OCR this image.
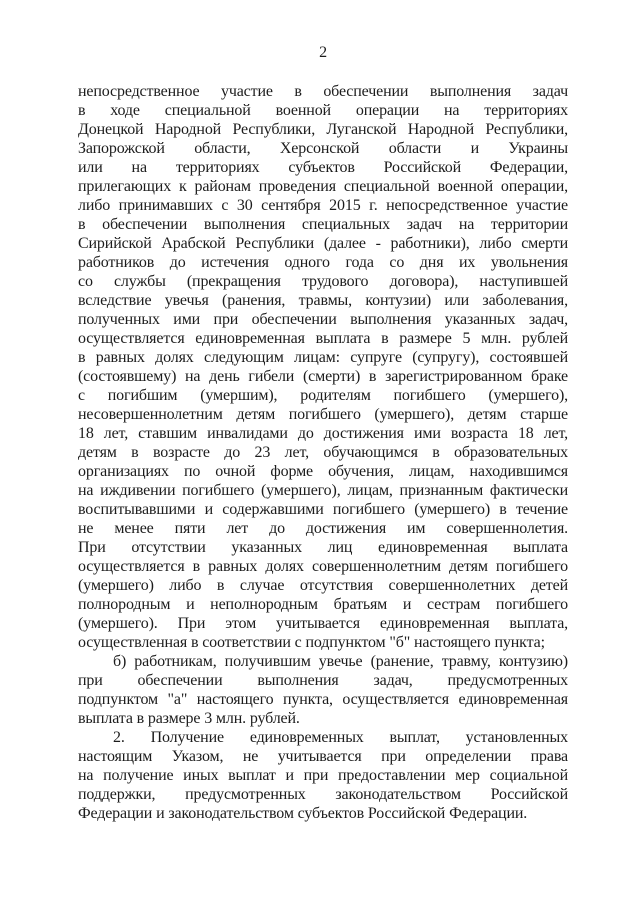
2
непосредственное участие в обеспечении выполнения задач
в ходе специальной военной операции на территориях
Донецкой Народной Республики, Луганской Народной Республики,
Запорожской области, Херсонской области и Украины
или на территориях субъектов Российской Федерации,
прилегающих к районам проведения специальной военной операции,
либо принимавших с 30 сентября 2015 г. непосредственное участие
в обеспечении выполнения специальных задач на территории
Сирийской Арабской Республики (далее - работники), либо смерти
работников до истечения одного года со дня их увольнения
со службы (прекращения трудового договора), наступившей
вследствие увечья (ранения, травмы, контузии) или заболевания,
полученных ими при обеспечении выполнения указанных задач,
осуществляется единовременная выплата в размере 5 млн. рублей
в равных долях следующим лицам: супруге (супругу), состоявшей
(состоявшему) на день гибели (смерти) в зарегистрированном браке
с погибшим (умершим), родителям погибшего (умершего),
несовершеннолетним детям погибшего (умершего), детям старше
18 лет, ставшим инвалидами до достижения ими возраста 18 лет,
детям в возрасте до 23 лет, обучающимся в образовательных
организациях по очной форме обучения, лицам, находившимся
на иждивении погибшего (умершего), лицам, признанным фактически
воспитывавшими и содержавшими погибшего (умершего) в течение
не менее пяти лет до достижения им совершеннолетия.
При отсутствии указанных лиц единовременная выплата
осуществляется в равных долях совершеннолетним детям погибшего
(умершего) либо в случае отсутствия совершеннолетних детей
полнородным и неполнородным братьям и сестрам погибшего
(умершего). При этом учитывается единовременная выплата,
осуществленная в соответствии с подпунктом "б" настоящего пункта;
б) работникам, получившим увечье (ранение, травму, контузию)
при обеспечении выполнения задач, предусмотренных
подпунктом "а" настоящего пункта, осуществляется единовременная
выплата в размере 3 млн. рублей.
2. Получение единовременных выплат, установленных
настоящим Указом, не учитывается при определении права
на получение иных выплат и при предоставлении мер социальной
поддержки, предусмотренных законодательством Российской
Федерации и законодательством субъектов Российской Федерации.
